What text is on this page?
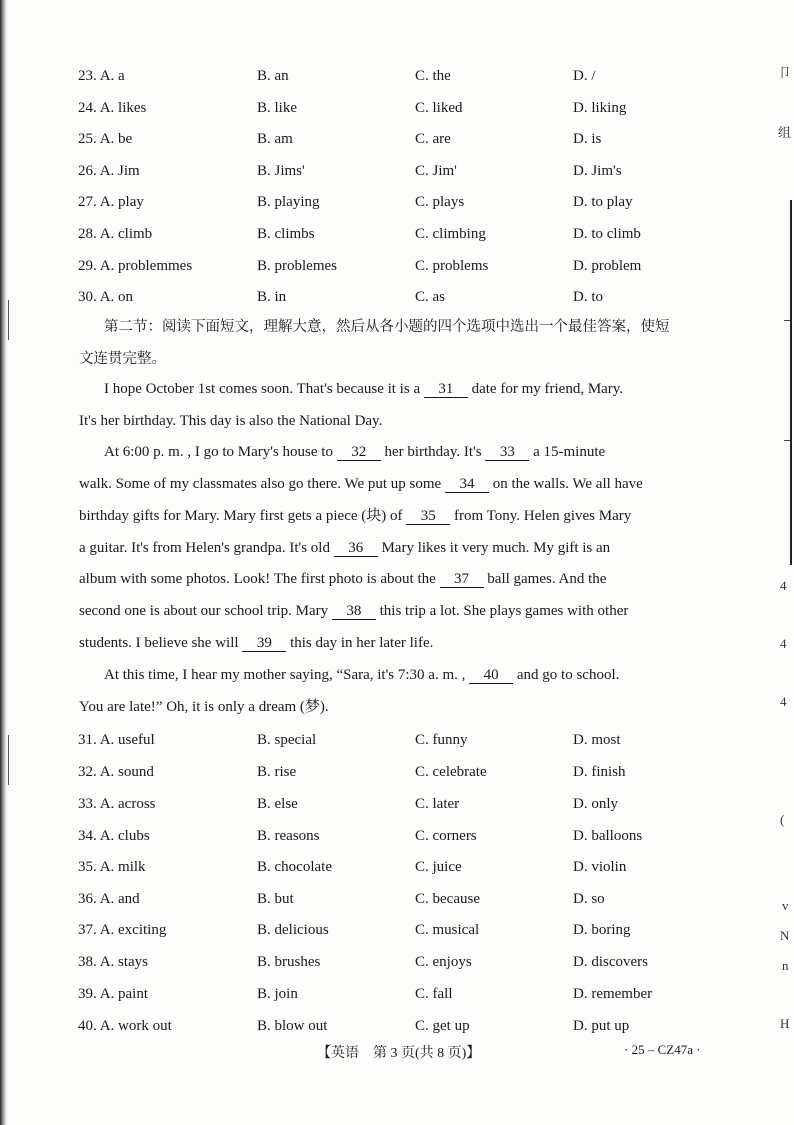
卩
组
4
4
4
(
v
N
n
H
23. A. a	B. an	C. the	D. /
24. A. likes	B. like	C. liked	D. liking
25. A. be	B. am	C. are	D. is
26. A. Jim	B. Jims'	C. Jim'	D. Jim's
27. A. play	B. playing	C. plays	D. to play
28. A. climb	B. climbs	C. climbing	D. to climb
29. A. problemmes	B. problemes	C. problems	D. problem
30. A. on	B. in	C. as	D. to

第二节：阅读下面短文，理解大意，然后从各小题的四个选项中选出一个最佳答案，使短

文连贯完整。

I hope October 1st comes soon. That's because it is a 31 date for my friend, Mary.

It's her birthday. This day is also the National Day.

At 6:00 p. m. , I go to Mary's house to 32 her birthday. It's 33 a 15-minute

walk. Some of my classmates also go there. We put up some 34 on the walls. We all have

birthday gifts for Mary. Mary first gets a piece (块) of 35 from Tony. Helen gives Mary

a guitar. It's from Helen's grandpa. It's old 36 Mary likes it very much. My gift is an

album with some photos. Look! The first photo is about the 37 ball games. And the

second one is about our school trip. Mary 38 this trip a lot. She plays games with other

students. I believe she will 39 this day in her later life.

At this time, I hear my mother saying, “Sara, it's 7:30 a. m. , 40 and go to school.

You are late!” Oh, it is only a dream (梦).

31. A. useful	B. special	C. funny	D. most
32. A. sound	B. rise	C. celebrate	D. finish
33. A. across	B. else	C. later	D. only
34. A. clubs	B. reasons	C. corners	D. balloons
35. A. milk	B. chocolate	C. juice	D. violin
36. A. and	B. but	C. because	D. so
37. A. exciting	B. delicious	C. musical	D. boring
38. A. stays	B. brushes	C. enjoys	D. discovers
39. A. paint	B. join	C. fall	D. remember
40. A. work out	B. blow out	C. get up	D. put up
【英语　第 3 页(共 8 页)】	· 25 – CZ47a ·
